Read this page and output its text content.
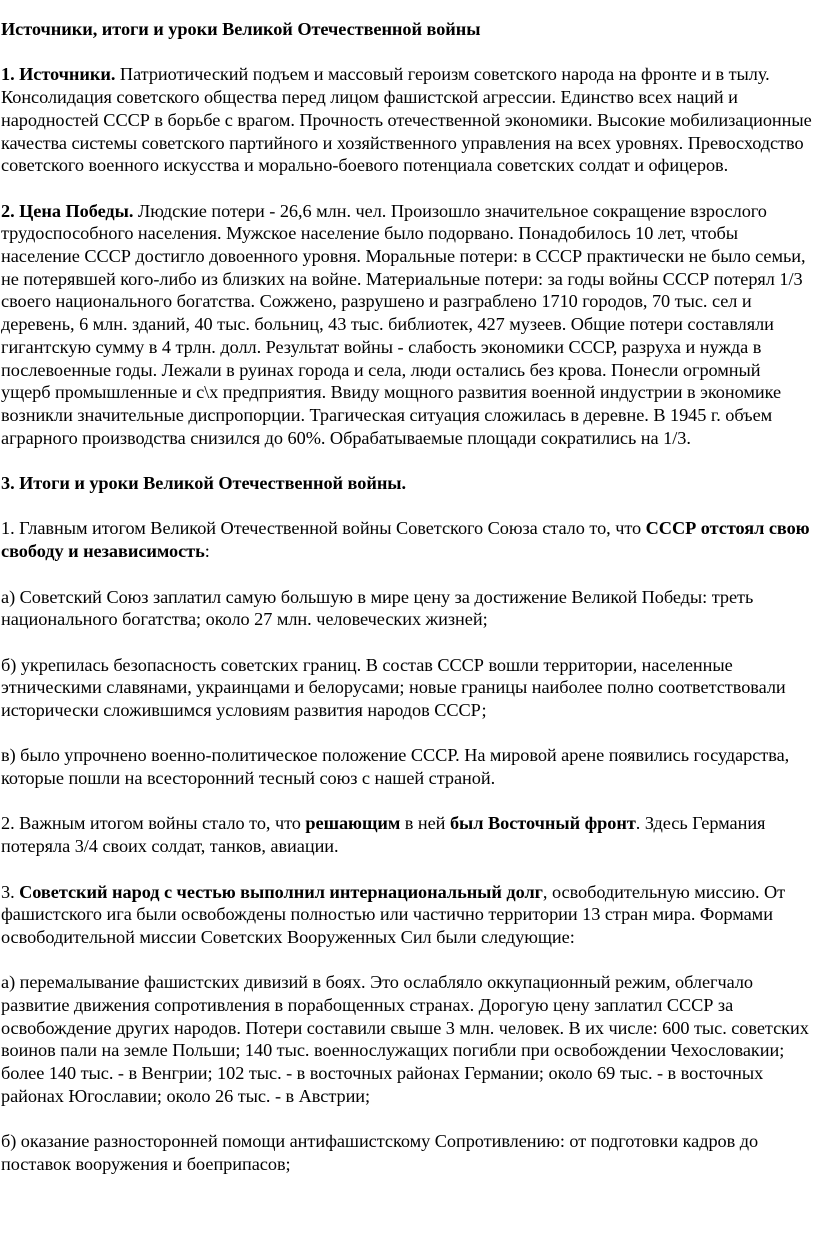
Источники, итоги и уроки Великой Отечественной войны

1. Источники. Патриотический подъем и массовый героизм советского народа на фронте и в тылу. Консолидация советского общества перед лицом фашистской агрессии. Единство всех наций и народностей СССР в борьбе с врагом. Прочность отечественной экономики. Высокие мобилизационные качества системы советского партийного и хозяйственного управления на всех уровнях. Превосходство советского военного искусства и морально-боевого потенциала советских солдат и офицеров.

2. Цена Победы. Людские потери - 26,6 млн. чел. Произошло значительное сокращение взрослого трудоспособного населения. Мужское население было подорвано. Понадобилось 10 лет, чтобы население СССР достигло довоенного уровня. Моральные потери: в СССР практически не было семьи, не потерявшей кого-либо из близких на войне. Материальные потери: за годы войны СССР потерял 1/3 своего национального богатства. Сожжено, разрушено и разграблено 1710 городов, 70 тыс. сел и деревень, 6 млн. зданий, 40 тыс. больниц, 43 тыс. библиотек, 427 музеев. Общие потери составляли гигантскую сумму в 4 трлн. долл. Результат войны - слабость экономики СССР, разруха и нужда в послевоенные годы. Лежали в руинах города и села, люди остались без крова. Понесли огромный ущерб промышленные и с\х предприятия. Ввиду мощного развития военной индустрии в экономике возникли значительные диспропорции. Трагическая ситуация сложилась в деревне. В 1945 г. объем аграрного производства снизился до 60%. Обрабатываемые площади сократились на 1/3.

3. Итоги и уроки Великой Отечественной войны.

1. Главным итогом Великой Отечественной войны Советского Союза стало то, что СССР отстоял свою свободу и независимость:

а) Советский Союз заплатил самую большую в мире цену за достижение Великой Победы: треть национального богатства; около 27 млн. человеческих жизней;

б) укрепилась безопасность советских границ. В состав СССР вошли территории, населенные этническими славянами, украинцами и белорусами; новые границы наиболее полно соответствовали исторически сложившимся условиям развития народов СССР;

в) было упрочнено военно-политическое положение СССР. На мировой арене появились государства, которые пошли на всесторонний тесный союз с нашей страной.

2. Важным итогом войны стало то, что решающим в ней был Восточный фронт. Здесь Германия потеряла 3/4 своих солдат, танков, авиации.

3. Советский народ с честью выполнил интернациональный долг, освободительную миссию. От фашистского ига были освобождены полностью или частично территории 13 стран мира. Формами освободительной миссии Советских Вооруженных Сил были следующие:

а) перемалывание фашистских дивизий в боях. Это ослабляло оккупационный режим, облегчало развитие движения сопротивления в порабощенных странах. Дорогую цену заплатил СССР за освобождение других народов. Потери составили свыше 3 млн. человек. В их числе: 600 тыс. советских воинов пали на земле Польши; 140 тыс. военнослужащих погибли при освобождении Чехословакии; более 140 тыс. - в Венгрии; 102 тыс. - в восточных районах Германии; около 69 тыс. - в восточных районах Югославии; около 26 тыс. - в Австрии;

б) оказание разносторонней помощи антифашистскому Сопротивлению: от подготовки кадров до поставок вооружения и боеприпасов;
